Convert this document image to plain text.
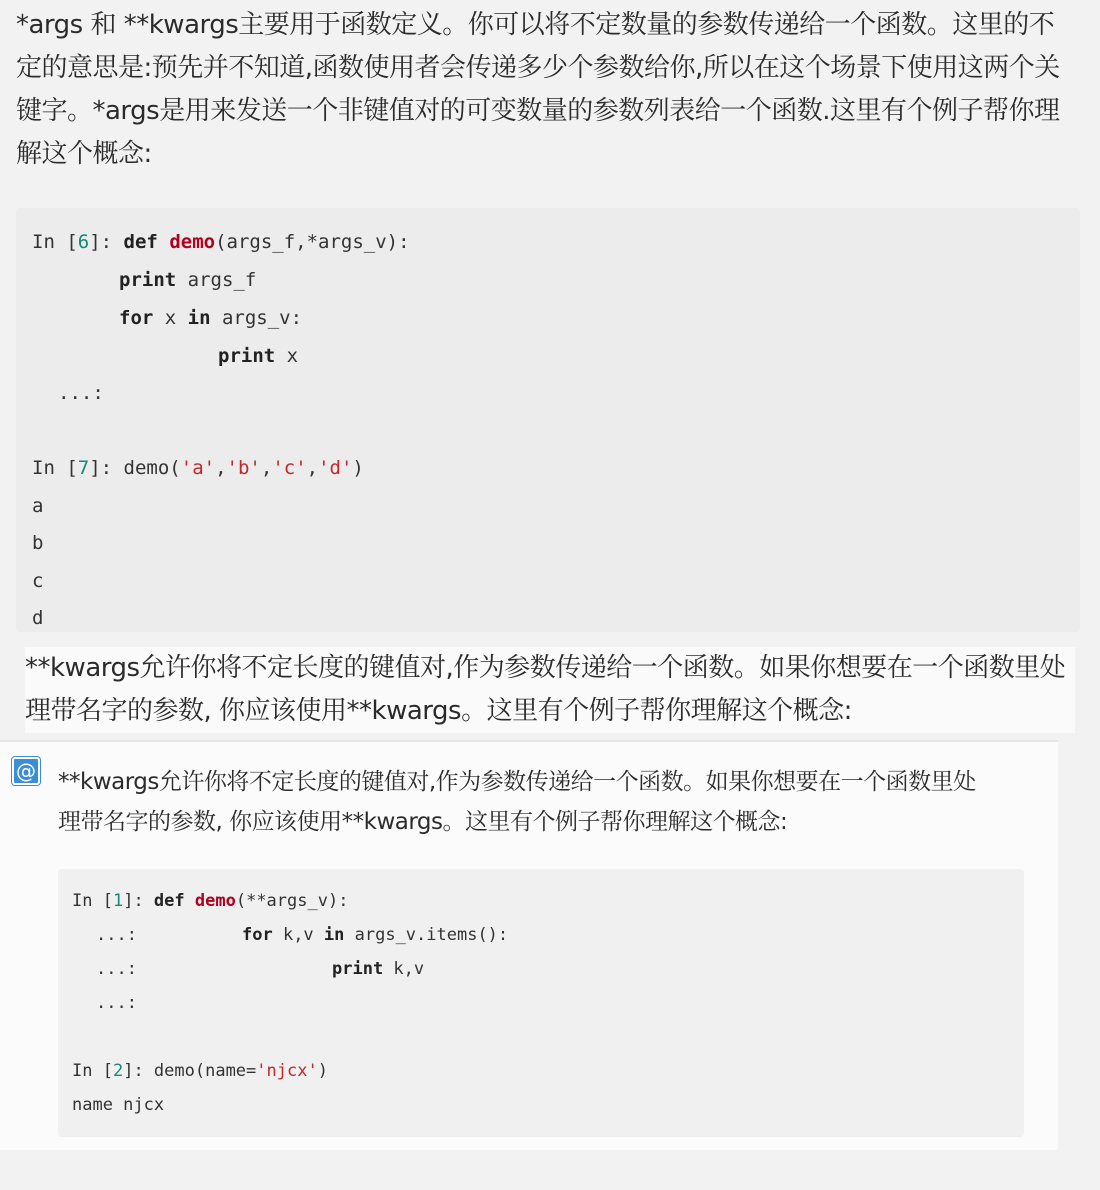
*args 和 **kwargs主要用于函数定义。你可以将不定数量的参数传递给一个函数。这里的不
定的意思是:预先并不知道,函数使用者会传递多少个参数给你,所以在这个场景下使用这两个关
键字。*args是用来发送一个非键值对的可变数量的参数列表给一个函数.这里有个例子帮你理
解这个概念:

In [6]: def demo(args_f,*args_v):

print args_f

for x in args_v:

print x

...:

In [7]: demo('a','b','c','d')

a

b

c

d

**kwargs允许你将不定长度的键值对,作为参数传递给一个函数。如果你想要在一个函数里处
理带名字的参数, 你应该使用**kwargs。这里有个例子帮你理解这个概念:
@ **kwargs允许你将不定长度的键值对,作为参数传递给一个函数。如果你想要在一个函数里处
理带名字的参数, 你应该使用**kwargs。这里有个例子帮你理解这个概念:

In [1]: def demo(**args_v):

...:

	for k,v in args_v.items():

...:

	print k,v

...:

In [2]: demo(name='njcx')

name njcx
